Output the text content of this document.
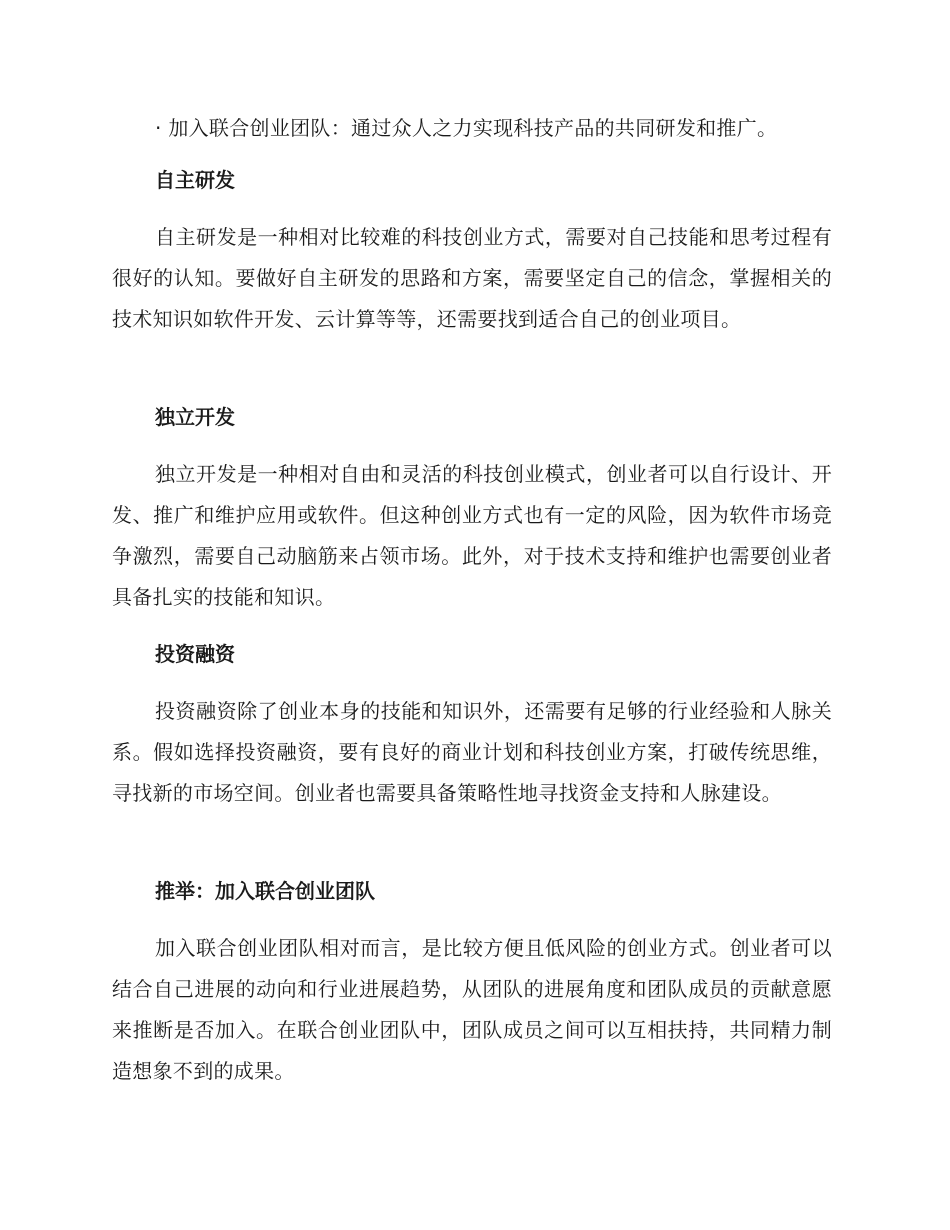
· 加入联合创业团队：通过众人之力实现科技产品的共同研发和推广。
自主研发
自主研发是一种相对比较难的科技创业方式，需要对自己技能和思考过程有很好的认知。要做好自主研发的思路和方案，需要坚定自己的信念，掌握相关的技术知识如软件开发、云计算等等，还需要找到适合自己的创业项目。
独立开发
独立开发是一种相对自由和灵活的科技创业模式，创业者可以自行设计、开发、推广和维护应用或软件。但这种创业方式也有一定的风险，因为软件市场竞争激烈，需要自己动脑筋来占领市场。此外，对于技术支持和维护也需要创业者具备扎实的技能和知识。
投资融资
投资融资除了创业本身的技能和知识外，还需要有足够的行业经验和人脉关系。假如选择投资融资，要有良好的商业计划和科技创业方案，打破传统思维，寻找新的市场空间。创业者也需要具备策略性地寻找资金支持和人脉建设。
推举：加入联合创业团队
加入联合创业团队相对而言，是比较方便且低风险的创业方式。创业者可以结合自己进展的动向和行业进展趋势，从团队的进展角度和团队成员的贡献意愿来推断是否加入。在联合创业团队中，团队成员之间可以互相扶持，共同精力制造想象不到的成果。
